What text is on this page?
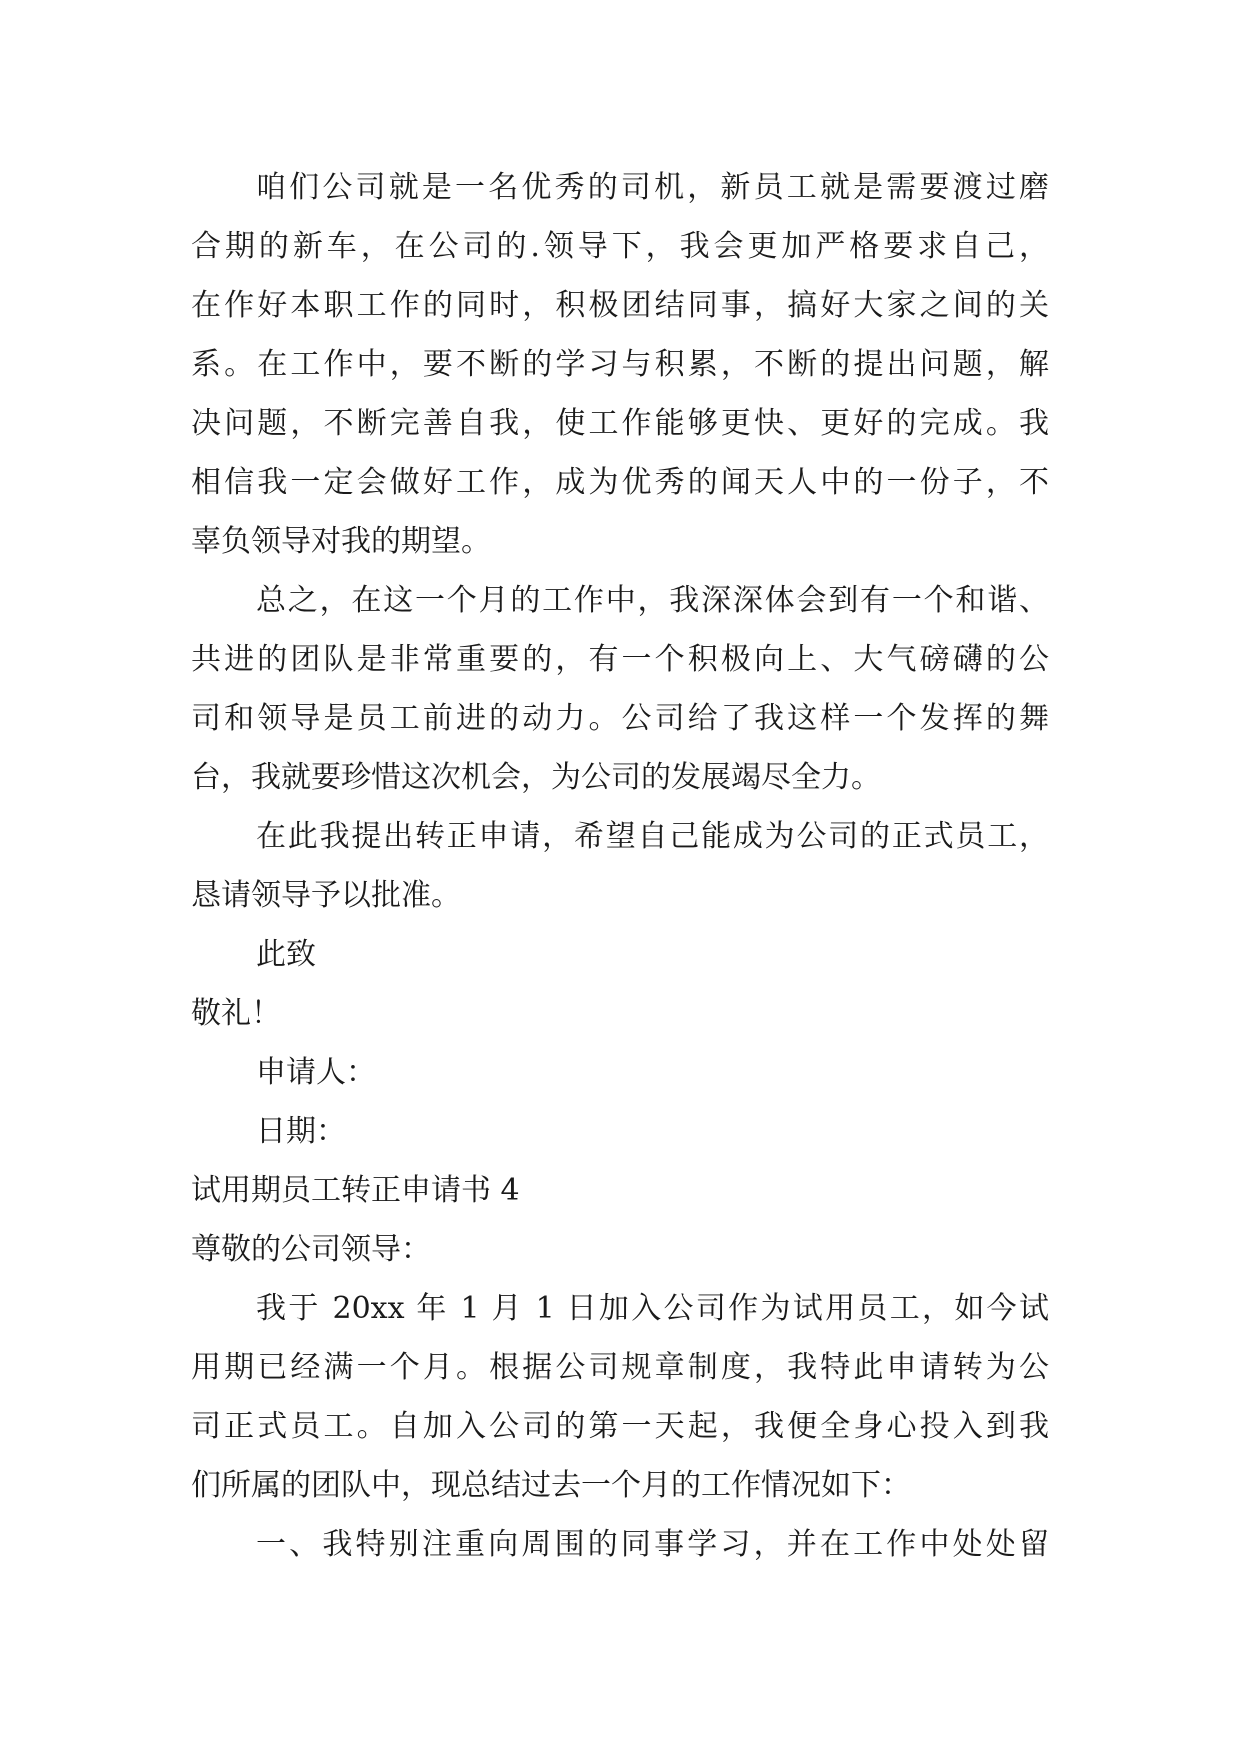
咱们公司就是一名优秀的司机，新员工就是需要渡过磨
合期的新车，在公司的.领导下，我会更加严格要求自己，
在作好本职工作的同时，积极团结同事，搞好大家之间的关
系。在工作中，要不断的学习与积累，不断的提出问题，解
决问题，不断完善自我，使工作能够更快、更好的完成。我
相信我一定会做好工作，成为优秀的闻天人中的一份子，不
辜负领导对我的期望。
总之，在这一个月的工作中，我深深体会到有一个和谐、
共进的团队是非常重要的，有一个积极向上、大气磅礴的公
司和领导是员工前进的动力。公司给了我这样一个发挥的舞
台，我就要珍惜这次机会，为公司的发展竭尽全力。
在此我提出转正申请，希望自己能成为公司的正式员工，
恳请领导予以批准。
此致
敬礼！
申请人：
日期：
试用期员工转正申请书 4
尊敬的公司领导：
我于 20xx 年 1 月 1 日加入公司作为试用员工，如今试
用期已经满一个月。根据公司规章制度，我特此申请转为公
司正式员工。自加入公司的第一天起，我便全身心投入到我
们所属的团队中，现总结过去一个月的工作情况如下：
一、我特别注重向周围的同事学习，并在工作中处处留
